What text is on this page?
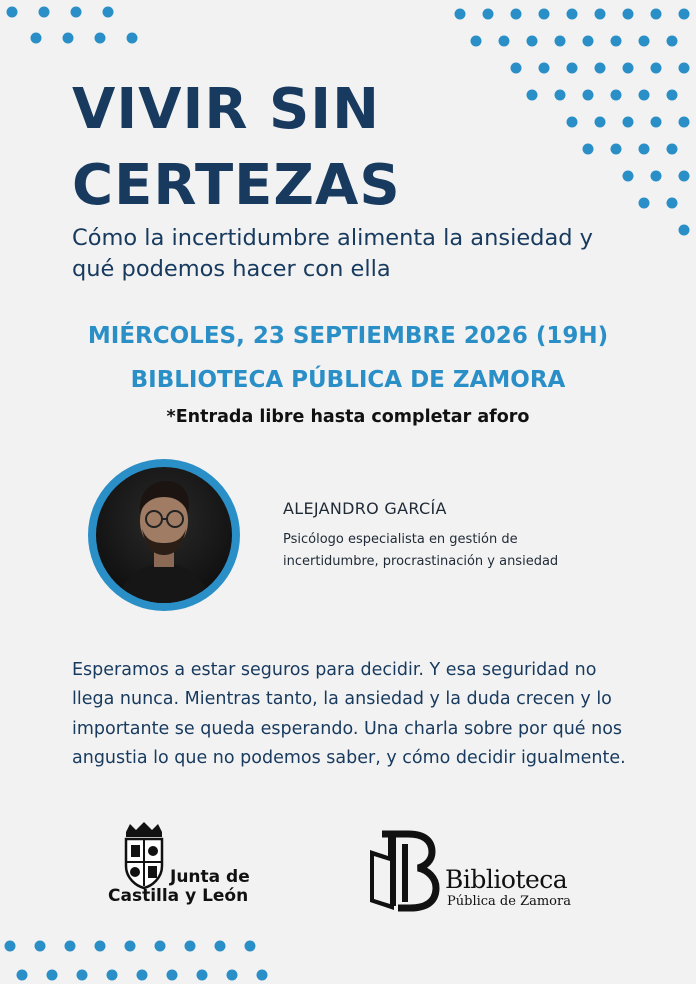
VIVIR SIN
CERTEZAS

Cómo la incertidumbre alimenta la ansiedad y qué podemos hacer con ella

MIÉRCOLES, 23 SEPTIEMBRE 2026 (19H)
BIBLIOTECA PÚBLICA DE ZAMORA
*Entrada libre hasta completar aforo
ALEJANDRO GARCÍA
Psicólogo especialista en gestión de incertidumbre, procrastinación y ansiedad

Esperamos a estar seguros para decidir. Y esa seguridad no llega nunca. Mientras tanto, la ansiedad y la duda crecen y lo importante se queda esperando. Una charla sobre por qué nos angustia lo que no podemos saber, y cómo decidir igualmente.

Junta de
Castilla y León
Biblioteca
Pública de Zamora
